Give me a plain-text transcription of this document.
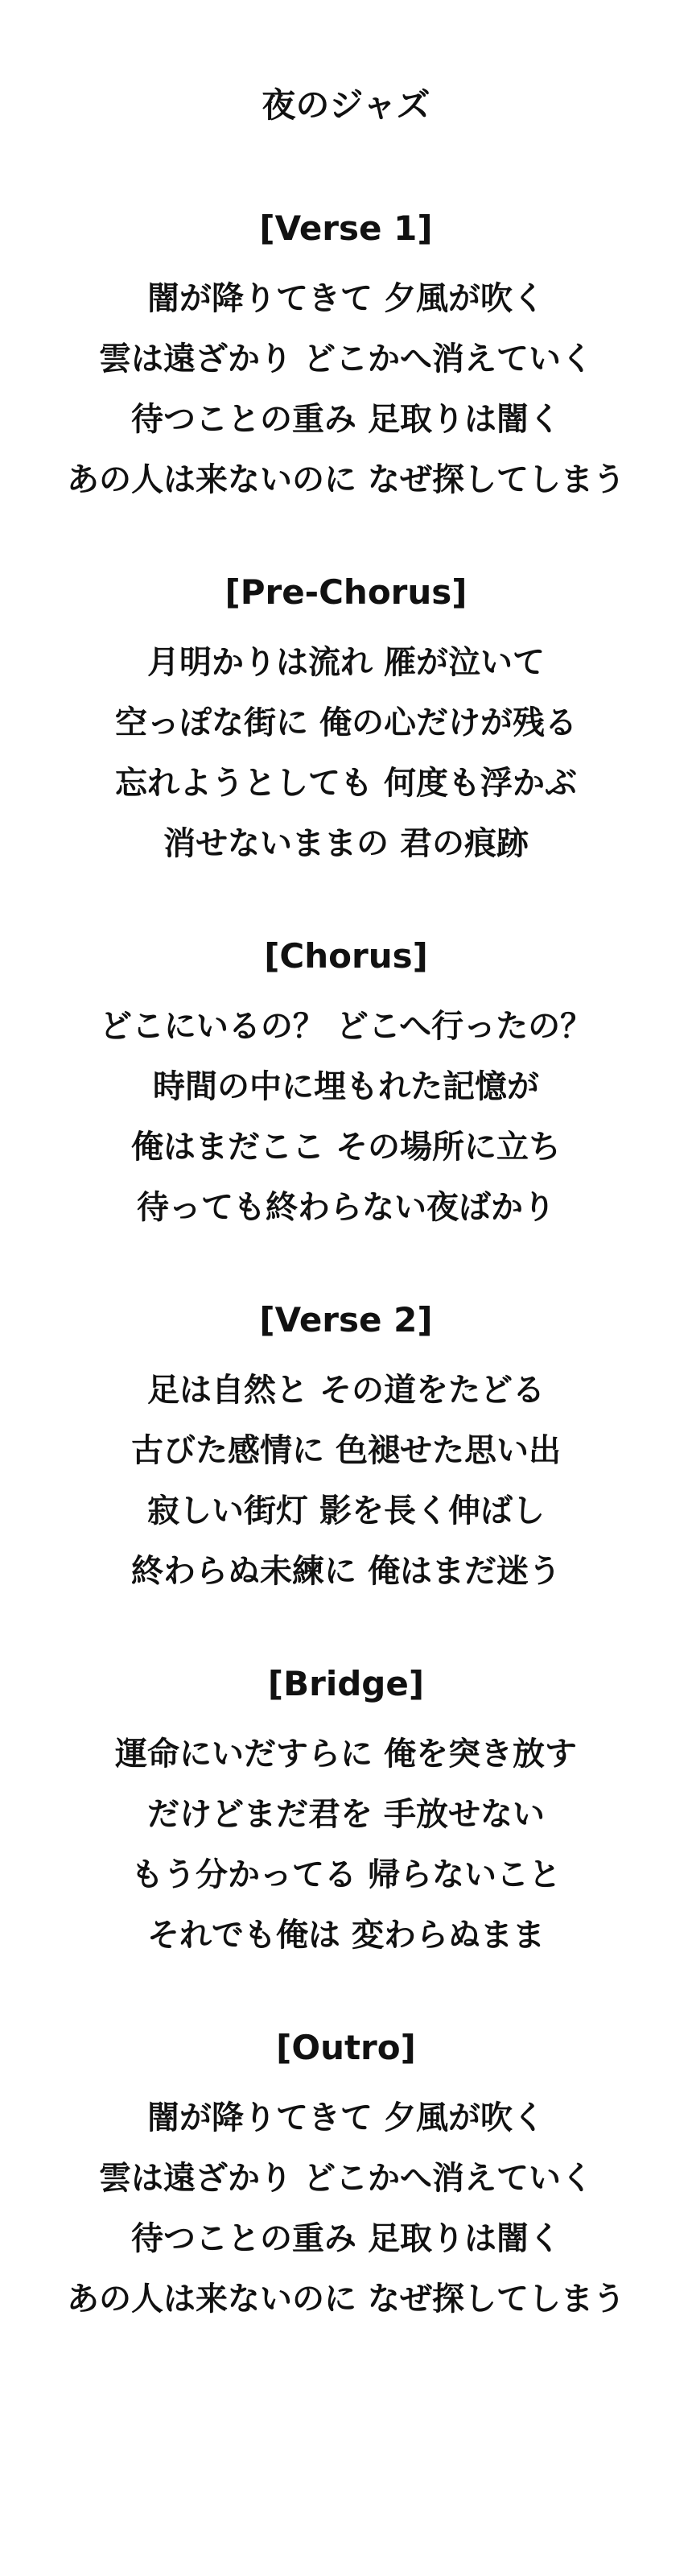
夜のジャズ
[Verse 1]
闇が降りてきて 夕風が吹く
雲は遠ざかり どこかへ消えていく
待つことの重み 足取りは闇く
あの人は来ないのに なぜ探してしまう
[Pre-Chorus]
月明かりは流れ 雁が泣いて
空っぽな街に 俺の心だけが残る
忘れようとしても 何度も浮かぶ
消せないままの 君の痕跡
[Chorus]
どこにいるの？ どこへ行ったの？
時間の中に埋もれた記憶が
俺はまだここ その場所に立ち
待っても終わらない夜ばかり
[Verse 2]
足は自然と その道をたどる
古びた感情に 色褪せた思い出
寂しい街灯 影を長く伸ばし
終わらぬ未練に 俺はまだ迷う
[Bridge]
運命にいだすらに 俺を突き放す
だけどまだ君を 手放せない
もう分かってる 帰らないこと
それでも俺は 変わらぬまま
[Outro]
闇が降りてきて 夕風が吹く
雲は遠ざかり どこかへ消えていく
待つことの重み 足取りは闇く
あの人は来ないのに なぜ探してしまう
